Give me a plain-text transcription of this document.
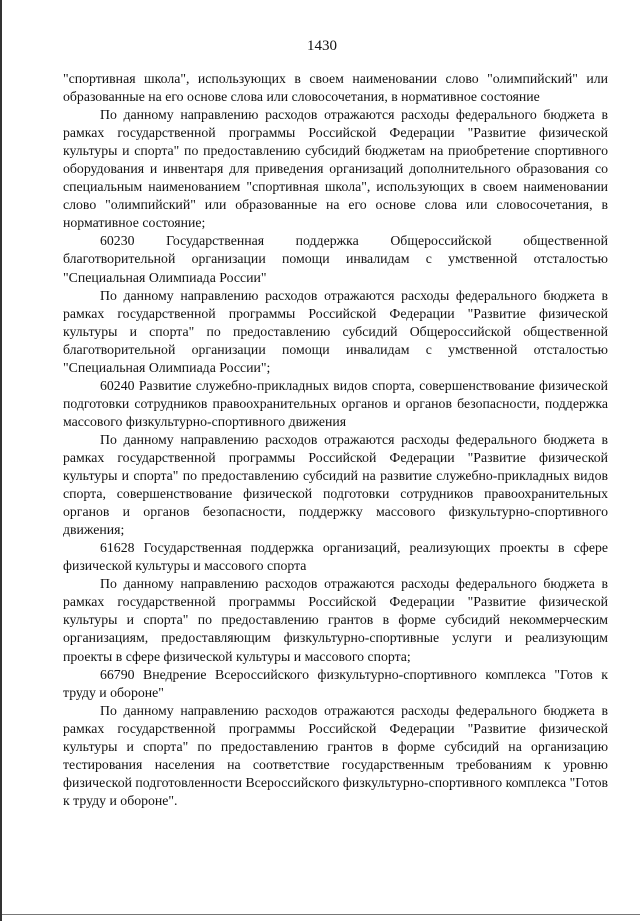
1430

"спортивная школа", использующих в своем наименовании слово "олимпийский" или образованные на его основе слова или словосочетания, в нормативное состояние

По данному направлению расходов отражаются расходы федерального бюджета в рамках государственной программы Российской Федерации "Развитие физической культуры и спорта" по предоставлению субсидий бюджетам на приобретение спортивного оборудования и инвентаря для приведения организаций дополнительного образования со специальным наименованием "спортивная школа", использующих в своем наименовании слово "олимпийский" или образованные на его основе слова или словосочетания, в нормативное состояние;

60230 Государственная поддержка Общероссийской общественной благотворительной организации помощи инвалидам с умственной отсталостью "Специальная Олимпиада России"

По данному направлению расходов отражаются расходы федерального бюджета в рамках государственной программы Российской Федерации "Развитие физической культуры и спорта" по предоставлению субсидий Общероссийской общественной благотворительной организации помощи инвалидам с умственной отсталостью "Специальная Олимпиада России";

60240 Развитие служебно-прикладных видов спорта, совершенствование физической подготовки сотрудников правоохранительных органов и органов безопасности, поддержка массового физкультурно-спортивного движения

По данному направлению расходов отражаются расходы федерального бюджета в рамках государственной программы Российской Федерации "Развитие физической культуры и спорта" по предоставлению субсидий на развитие служебно-прикладных видов спорта, совершенствование физической подготовки сотрудников правоохранительных органов и органов безопасности, поддержку массового физкультурно-спортивного движения;

61628 Государственная поддержка организаций, реализующих проекты в сфере физической культуры и массового спорта

По данному направлению расходов отражаются расходы федерального бюджета в рамках государственной программы Российской Федерации "Развитие физической культуры и спорта" по предоставлению грантов в форме субсидий некоммерческим организациям, предоставляющим физкультурно-спортивные услуги и реализующим проекты в сфере физической культуры и массового спорта;

66790 Внедрение Всероссийского физкультурно-спортивного комплекса "Готов к труду и обороне"

По данному направлению расходов отражаются расходы федерального бюджета в рамках государственной программы Российской Федерации "Развитие физической культуры и спорта" по предоставлению грантов в форме субсидий на организацию тестирования населения на соответствие государственным требованиям к уровню физической подготовленности Всероссийского физкультурно-спортивного комплекса "Готов к труду и обороне".
